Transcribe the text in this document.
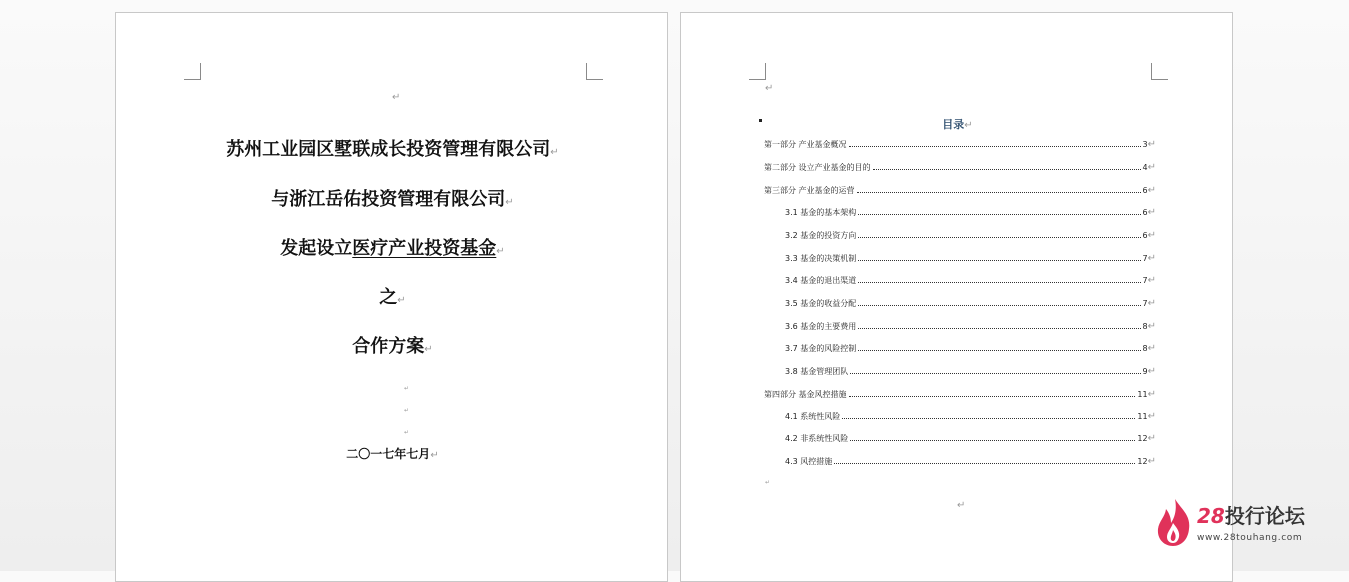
↵
苏州工业园区墅联成长投资管理有限公司↵
与浙江岳佑投资管理有限公司↵
发起设立医疗产业投资基金↵
之↵
合作方案↵
↵
↵
↵
二〇一七年七月↵
↵
目录↵
第一部分 产业基金概况	3 ↵
第二部分 设立产业基金的目的	4 ↵
第三部分 产业基金的运营	6 ↵
3.1 基金的基本架构	6 ↵
3.2 基金的投资方向	6 ↵
3.3 基金的决策机制	7 ↵
3.4 基金的退出渠道	7 ↵
3.5 基金的收益分配	7 ↵
3.6 基金的主要费用	8 ↵
3.7 基金的风险控制	8 ↵
3.8 基金管理团队	9 ↵
第四部分 基金风控措施	11 ↵
4.1 系统性风险	11 ↵
4.2 非系统性风险	12 ↵
4.3 风控措施	12 ↵
↵
↵	28投行论坛
www.28touhang.com
